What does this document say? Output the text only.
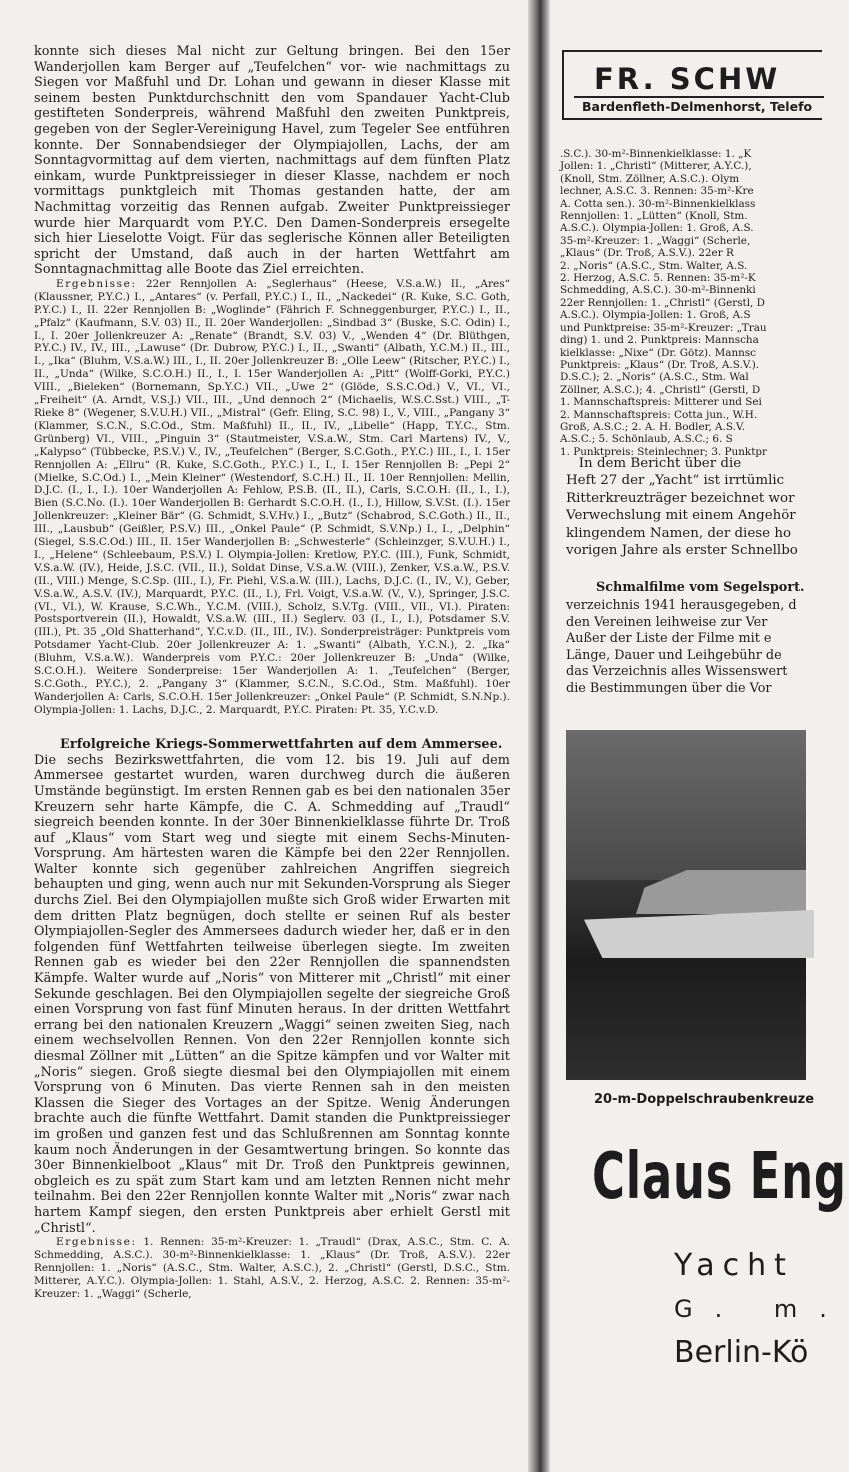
konnte sich dieses Mal nicht zur Geltung bringen. Bei den 15er Wanderjollen kam Berger auf „Teufelchen“ vor- wie nachmittags zu Siegen vor Maßfuhl und Dr. Lohan und gewann in dieser Klasse mit seinem besten Punktdurchschnitt den vom Spandauer Yacht-Club gestifteten Sonderpreis, während Maßfuhl den zweiten Punktpreis, gegeben von der Segler-Vereinigung Havel, zum Tegeler See entführen konnte. Der Sonnabendsieger der Olympiajollen, Lachs, der am Sonntagvormittag auf dem vierten, nachmittags auf dem fünften Platz einkam, wurde Punktpreissieger in dieser Klasse, nachdem er noch vormittags punktgleich mit Thomas gestanden hatte, der am Nachmittag vorzeitig das Rennen aufgab. Zweiter Punktpreissieger wurde hier Marquardt vom P.Y.C. Den Damen-Sonderpreis ersegelte sich hier Lieselotte Voigt. Für das seglerische Können aller Beteiligten spricht der Umstand, daß auch in der harten Wettfahrt am Sonntagnachmittag alle Boote das Ziel erreichten.

Ergebnisse: 22er Rennjollen A: „Seglerhaus“ (Heese, V.S.a.W.) II., „Ares“ (Klaussner, P.Y.C.) I., „Antares“ (v. Perfall, P.Y.C.) I., II., „Nackedei“ (R. Kuke, S.C. Goth, P.Y.C.) I., II. 22er Rennjollen B: „Woglinde“ (Fährich F. Schneggenburger, P.Y.C.) I., II., „Pfalz“ (Kaufmann, S.V. 03) II., II. 20er Wanderjollen: „Sindbad 3“ (Buske, S.C. Odin) I., I., I. 20er Jollenkreuzer A: „Renate“ (Brandt, S.V. 03) V., „Wenden 4“ (Dr. Blüthgen, P.Y.C.) IV., IV., III., „Lawuse“ (Dr. Dubrow, P.Y.C.) I., II., „Swanti“ (Albath, Y.C.M.) II., III., I., „Ika“ (Bluhm, V.S.a.W.) III., I., II. 20er Jollenkreuzer B: „Olle Leew“ (Ritscher, P.Y.C.) I., II., „Unda“ (Wilke, S.C.O.H.) II., I., I. 15er Wanderjollen A: „Pitt“ (Wolff-Gorki, P.Y.C.) VIII., „Bieleken“ (Bornemann, Sp.Y.C.) VII., „Uwe 2“ (Glöde, S.S.C.Od.) V., VI., VI., „Freiheit“ (A. Arndt, V.S.J.) VII., III., „Und dennoch 2“ (Michaelis, W.S.C.Sst.) VIII., „T-Rieke 8“ (Wegener, S.V.U.H.) VII., „Mistral“ (Gefr. Eling, S.C. 98) I., V., VIII., „Pangany 3“ (Klammer, S.C.N., S.C.Od., Stm. Maßfuhl) II., II., IV., „Libelle“ (Happ, T.Y.C., Stm. Grünberg) VI., VIII., „Pinguin 3“ (Stautmeister, V.S.a.W., Stm. Carl Martens) IV., V., „Kalypso“ (Tübbecke, P.S.V.) V., IV., „Teufelchen“ (Berger, S.C.Goth., P.Y.C.) III., I., I. 15er Rennjollen A: „Ellru“ (R. Kuke, S.C.Goth., P.Y.C.) I., I., I. 15er Rennjollen B: „Pepi 2“ (Mielke, S.C.Od.) I., „Mein Kleiner“ (Westendorf, S.C.H.) II., II. 10er Rennjollen: Mellin, D.J.C. (I., I., I.). 10er Wanderjollen A: Fehlow, P.S.B. (II., II.), Carls, S.C.O.H. (II., I., I.), Bien (S.C.No. (I.). 10er Wanderjollen B: Gerhardt S.C.O.H. (I., I.), Hillow, S.V.St. (I.). 15er Jollenkreuzer: „Kleiner Bär“ (G. Schmidt, S.V.Hv.) I., „Butz“ (Schabrod, S.C.Goth.) II., II., III., „Lausbub“ (Geißler, P.S.V.) III., „Onkel Paule“ (P. Schmidt, S.V.Np.) I., I., „Delphin“ (Siegel, S.S.C.Od.) III., II. 15er Wanderjollen B: „Schwesterle“ (Schleinzger, S.V.U.H.) I., I., „Helene“ (Schleebaum, P.S.V.) I. Olympia-Jollen: Kretlow, P.Y.C. (III.), Funk, Schmidt, V.S.a.W. (IV.), Heide, J.S.C. (VII., II.), Soldat Dinse, V.S.a.W. (VIII.), Zenker, V.S.a.W., P.S.V. (II., VIII.) Menge, S.C.Sp. (III., I.), Fr. Piehl, V.S.a.W. (III.), Lachs, D.J.C. (I., IV., V.), Geber, V.S.a.W., A.S.V. (IV.), Marquardt, P.Y.C. (II., I.), Frl. Voigt, V.S.a.W. (V., V.), Springer, J.S.C. (VI., VI.), W. Krause, S.C.Wh., Y.C.M. (VIII.), Scholz, S.V.Tg. (VIII., VII., VI.). Piraten: Postsportverein (II.), Howaldt, V.S.a.W. (III., II.) Seglerv. 03 (I., I., I.), Potsdamer S.V. (III.), Pt. 35 „Old Shatterhand“, Y.C.v.D. (II., III., IV.). Sonderpreisträger: Punktpreis vom Potsdamer Yacht-Club. 20er Jollenkreuzer A: 1. „Swanti“ (Albath, Y.C.N.), 2. „Ika“ (Bluhm, V.S.a.W.). Wanderpreis vom P.Y.C.: 20er Jollenkreuzer B: „Unda“ (Wilke, S.C.O.H.). Weitere Sonderpreise: 15er Wanderjollen A: 1. „Teufelchen“ (Berger, S.C.Goth., P.Y.C.), 2. „Pangany 3“ (Klammer, S.C.N., S.C.Od., Stm. Maßfuhl). 10er Wanderjollen A: Carls, S.C.O.H. 15er Jollenkreuzer: „Onkel Paule“ (P. Schmidt, S.N.Np.). Olympia-Jollen: 1. Lachs, D.J.C., 2. Marquardt, P.Y.C. Piraten: Pt. 35, Y.C.v.D.

Erfolgreiche Kriegs-Sommerwettfahrten auf dem Ammersee.

Die sechs Bezirkswettfahrten, die vom 12. bis 19. Juli auf dem Ammersee gestartet wurden, waren durchweg durch die äußeren Umstände begünstigt. Im ersten Rennen gab es bei den nationalen 35er Kreuzern sehr harte Kämpfe, die C. A. Schmedding auf „Traudl“ siegreich beenden konnte. In der 30er Binnenkielklasse führte Dr. Troß auf „Klaus“ vom Start weg und siegte mit einem Sechs-Minuten-Vorsprung. Am härtesten waren die Kämpfe bei den 22er Rennjollen. Walter konnte sich gegenüber zahlreichen Angriffen siegreich behaupten und ging, wenn auch nur mit Sekunden-Vorsprung als Sieger durchs Ziel. Bei den Olympiajollen mußte sich Groß wider Erwarten mit dem dritten Platz begnügen, doch stellte er seinen Ruf als bester Olympiajollen-Segler des Ammersees dadurch wieder her, daß er in den folgenden fünf Wettfahrten teilweise überlegen siegte. Im zweiten Rennen gab es wieder bei den 22er Rennjollen die spannendsten Kämpfe. Walter wurde auf „Noris“ von Mitterer mit „Christl“ mit einer Sekunde geschlagen. Bei den Olympiajollen segelte der siegreiche Groß einen Vorsprung von fast fünf Minuten heraus. In der dritten Wettfahrt errang bei den nationalen Kreuzern „Waggi“ seinen zweiten Sieg, nach einem wechselvollen Rennen. Von den 22er Rennjollen konnte sich diesmal Zöllner mit „Lütten“ an die Spitze kämpfen und vor Walter mit „Noris“ siegen. Groß siegte diesmal bei den Olympiajollen mit einem Vorsprung von 6 Minuten. Das vierte Rennen sah in den meisten Klassen die Sieger des Vortages an der Spitze. Wenig Änderungen brachte auch die fünfte Wettfahrt. Damit standen die Punktpreissieger im großen und ganzen fest und das Schlußrennen am Sonntag konnte kaum noch Änderungen in der Gesamtwertung bringen. So konnte das 30er Binnenkielboot „Klaus“ mit Dr. Troß den Punktpreis gewinnen, obgleich es zu spät zum Start kam und am letzten Rennen nicht mehr teilnahm. Bei den 22er Rennjollen konnte Walter mit „Noris“ zwar nach hartem Kampf siegen, den ersten Punktpreis aber erhielt Gerstl mit „Christl“.

Ergebnisse: 1. Rennen: 35-m²-Kreuzer: 1. „Traudl“ (Drax, A.S.C., Stm. C. A. Schmedding, A.S.C.). 30-m²-Binnenkielklasse: 1. „Klaus“ (Dr. Troß, A.S.V.). 22er Rennjollen: 1. „Noris“ (A.S.C., Stm. Walter, A.S.C.), 2. „Christl“ (Gerstl, D.S.C., Stm. Mitterer, A.Y.C.). Olympia-Jollen: 1. Stahl, A.S.V., 2. Herzog, A.S.C. 2. Rennen: 35-m²-Kreuzer: 1. „Waggi“ (Scherle,

FR. SCHW
Bardenfleth-Delmenhorst, Telefo
.S.C.). 30-m²-Binnenkielklasse: 1. „K
Jollen: 1. „Christl“ (Mitterer, A.Y.C.),
(Knoll, Stm. Zöllner, A.S.C.). Olym
lechner, A.S.C. 3. Rennen: 35-m²-Kre
A. Cotta sen.). 30-m²-Binnenkielklass
Rennjollen: 1. „Lütten“ (Knoll, Stm.
A.S.C.). Olympia-Jollen: 1. Groß, A.S.
35-m²-Kreuzer: 1. „Waggi“ (Scherle,
„Klaus“ (Dr. Troß, A.S.V.). 22er R
2. „Noris“ (A.S.C., Stm. Walter, A.S.
2. Herzog, A.S.C. 5. Rennen: 35-m²-K
Schmedding, A.S.C.). 30-m²-Binnenki
22er Rennjollen: 1. „Christl“ (Gerstl, D
A.S.C.). Olympia-Jollen: 1. Groß, A.S
und Punktpreise: 35-m²-Kreuzer: „Trau
ding) 1. und 2. Punktpreis: Mannscha
kielklasse: „Nixe“ (Dr. Götz). Mannsc
Punktpreis: „Klaus“ (Dr. Troß, A.S.V.).
D.S.C.); 2. „Noris“ (A.S.C., Stm. Wal
Zöllner, A.S.C.); 4. „Christl“ (Gerstl, D
1. Mannschaftspreis: Mitterer und Sei
2. Mannschaftspreis: Cotta jun., W.H.
Groß, A.S.C.; 2. A. H. Bodler, A.S.V.
A.S.C.; 5. Schönlaub, A.S.C.; 6. S
1. Punktpreis: Steinlechner; 3. Punktpr
In dem Bericht über die
Heft 27 der „Yacht“ ist irrtümlic
Ritterkreuzträger bezeichnet wor
Verwechslung mit einem Angehör
klingendem Namen, der diese ho
vorigen Jahre als erster Schnellbo
Schmalfilme vom Segelsport.
verzeichnis 1941 herausgegeben, d
den Vereinen leihweise zur Ver
Außer der Liste der Filme mit e
Länge, Dauer und Leihgebühr de
das Verzeichnis alles Wissenswert
die Bestimmungen über die Vor
20-m-Doppelschraubenkreuze
Claus Eng
Yacht
G. m.
Berlin-Kö
